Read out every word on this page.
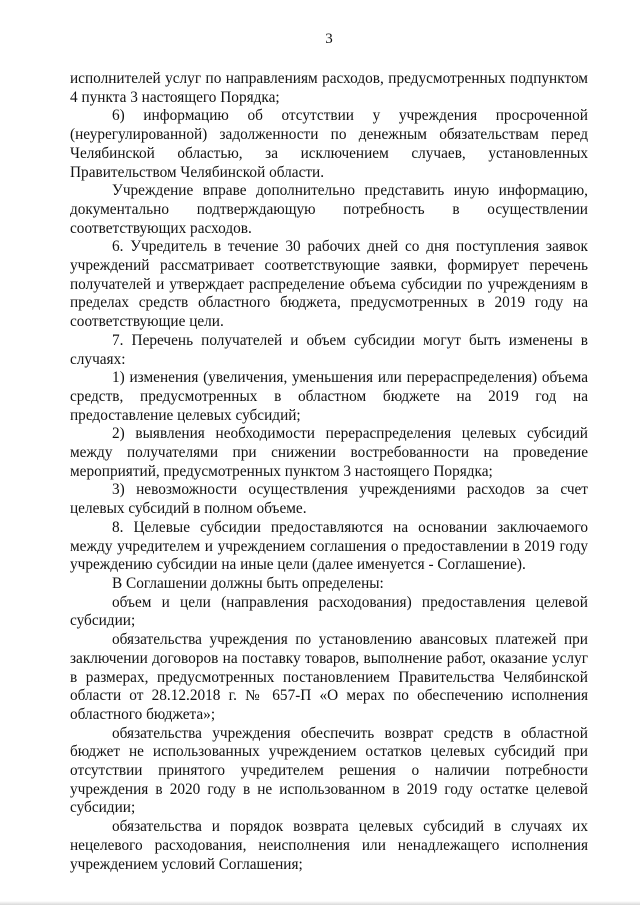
3

исполнителей услуг по направлениям расходов, предусмотренных подпунктом 4 пункта 3 настоящего Порядка;

6) информацию об отсутствии у учреждения просроченной (неурегулированной) задолженности по денежным обязательствам перед Челябинской областью, за исключением случаев, установленных Правительством Челябинской области.

Учреждение вправе дополнительно представить иную информацию, документально подтверждающую потребность в осуществлении соответствующих расходов.

6. Учредитель в течение 30 рабочих дней со дня поступления заявок учреждений рассматривает соответствующие заявки, формирует перечень получателей и утверждает распределение объема субсидии по учреждениям в пределах средств областного бюджета, предусмотренных в 2019 году на соответствующие цели.

7. Перечень получателей и объем субсидии могут быть изменены в случаях:

1) изменения (увеличения, уменьшения или перераспределения) объема средств, предусмотренных в областном бюджете на 2019 год на предоставление целевых субсидий;

2) выявления необходимости перераспределения целевых субсидий между получателями при снижении востребованности на проведение мероприятий, предусмотренных пунктом 3 настоящего Порядка;

3) невозможности осуществления учреждениями расходов за счет целевых субсидий в полном объеме.

8. Целевые субсидии предоставляются на основании заключаемого между учредителем и учреждением соглашения о предоставлении в 2019 году учреждению субсидии на иные цели (далее именуется - Соглашение).

В Соглашении должны быть определены:

объем и цели (направления расходования) предоставления целевой субсидии;

обязательства учреждения по установлению авансовых платежей при заключении договоров на поставку товаров, выполнение работ, оказание услуг в размерах, предусмотренных постановлением Правительства Челябинской области от 28.12.2018 г. № 657-П «О мерах по обеспечению исполнения областного бюджета»;

обязательства учреждения обеспечить возврат средств в областной бюджет не использованных учреждением остатков целевых субсидий при отсутствии принятого учредителем решения о наличии потребности учреждения в 2020 году в не использованном в 2019 году остатке целевой субсидии;

обязательства и порядок возврата целевых субсидий в случаях их нецелевого расходования, неисполнения или ненадлежащего исполнения учреждением условий Соглашения;
